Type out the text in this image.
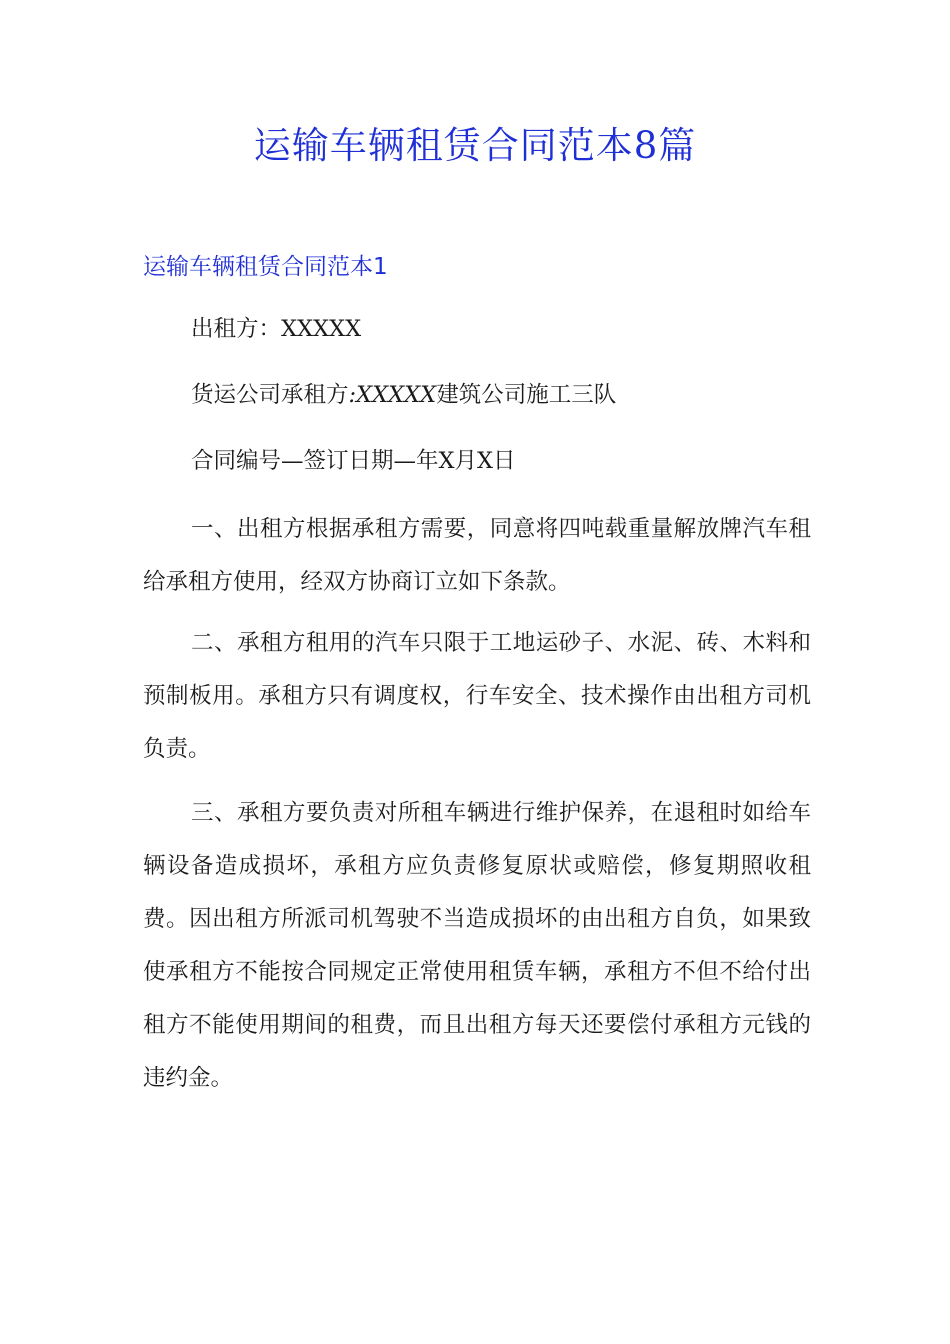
运输车辆租赁合同范本8篇
运输车辆租赁合同范本1

出租方：XXXXX

货运公司承租方:XXXXX建筑公司施工三队

合同编号—签订日期—年X月X日

一、出租方根据承租方需要，同意将四吨载重量解放牌汽车租给承租方使用，经双方协商订立如下条款。

二、承租方租用的汽车只限于工地运砂子、水泥、砖、木料和预制板用。承租方只有调度权，行车安全、技术操作由出租方司机负责。

三、承租方要负责对所租车辆进行维护保养，在退租时如给车辆设备造成损坏，承租方应负责修复原状或赔偿，修复期照收租费。因出租方所派司机驾驶不当造成损坏的由出租方自负，如果致使承租方不能按合同规定正常使用租赁车辆，承租方不但不给付出租方不能使用期间的租费，而且出租方每天还要偿付承租方元钱的违约金。
